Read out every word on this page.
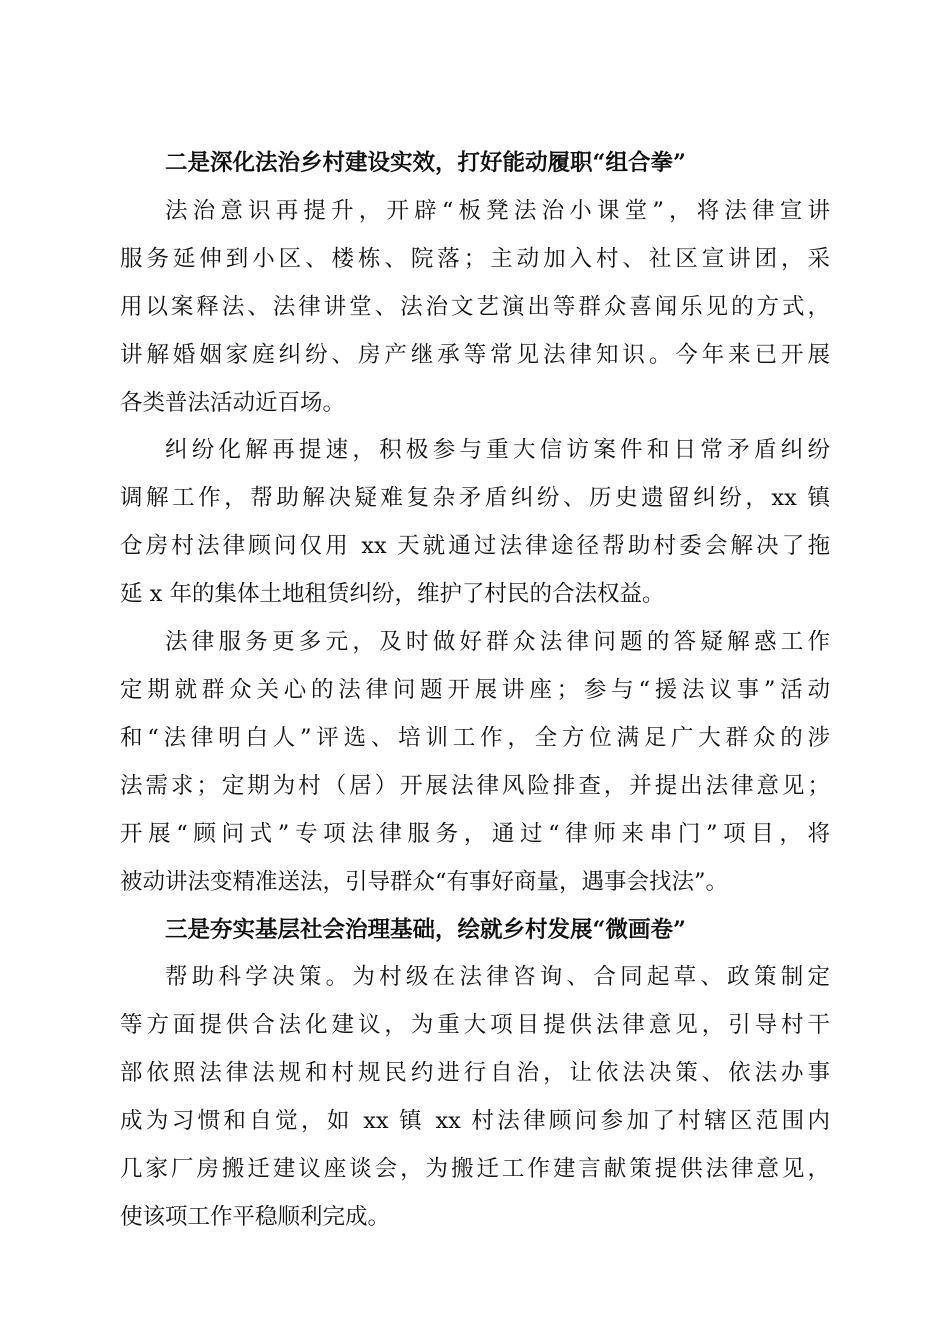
二是深化法治乡村建设实效，打好能动履职“组合拳”

法治意识再提升，开辟“板凳法治小课堂”，将法律宣讲
服务延伸到小区、楼栋、院落；主动加入村、社区宣讲团，采
用以案释法、法律讲堂、法治文艺演出等群众喜闻乐见的方式，
讲解婚姻家庭纠纷、房产继承等常见法律知识。今年来已开展
各类普法活动近百场。

纠纷化解再提速，积极参与重大信访案件和日常矛盾纠纷
调解工作，帮助解决疑难复杂矛盾纠纷、历史遗留纠纷，xx 镇
仓房村法律顾问仅用 xx 天就通过法律途径帮助村委会解决了拖
延 x 年的集体土地租赁纠纷，维护了村民的合法权益。

法律服务更多元，及时做好群众法律问题的答疑解惑工作
定期就群众关心的法律问题开展讲座；参与“援法议事”活动
和“法律明白人”评选、培训工作，全方位满足广大群众的涉
法需求；定期为村（居）开展法律风险排查，并提出法律意见；
开展“顾问式”专项法律服务，通过“律师来串门”项目，将
被动讲法变精准送法，引导群众“有事好商量，遇事会找法”。

三是夯实基层社会治理基础，绘就乡村发展“微画卷”

帮助科学决策。为村级在法律咨询、合同起草、政策制定
等方面提供合法化建议，为重大项目提供法律意见，引导村干
部依照法律法规和村规民约进行自治，让依法决策、依法办事
成为习惯和自觉，如 xx 镇 xx 村法律顾问参加了村辖区范围内
几家厂房搬迁建议座谈会，为搬迁工作建言献策提供法律意见，
使该项工作平稳顺利完成。
